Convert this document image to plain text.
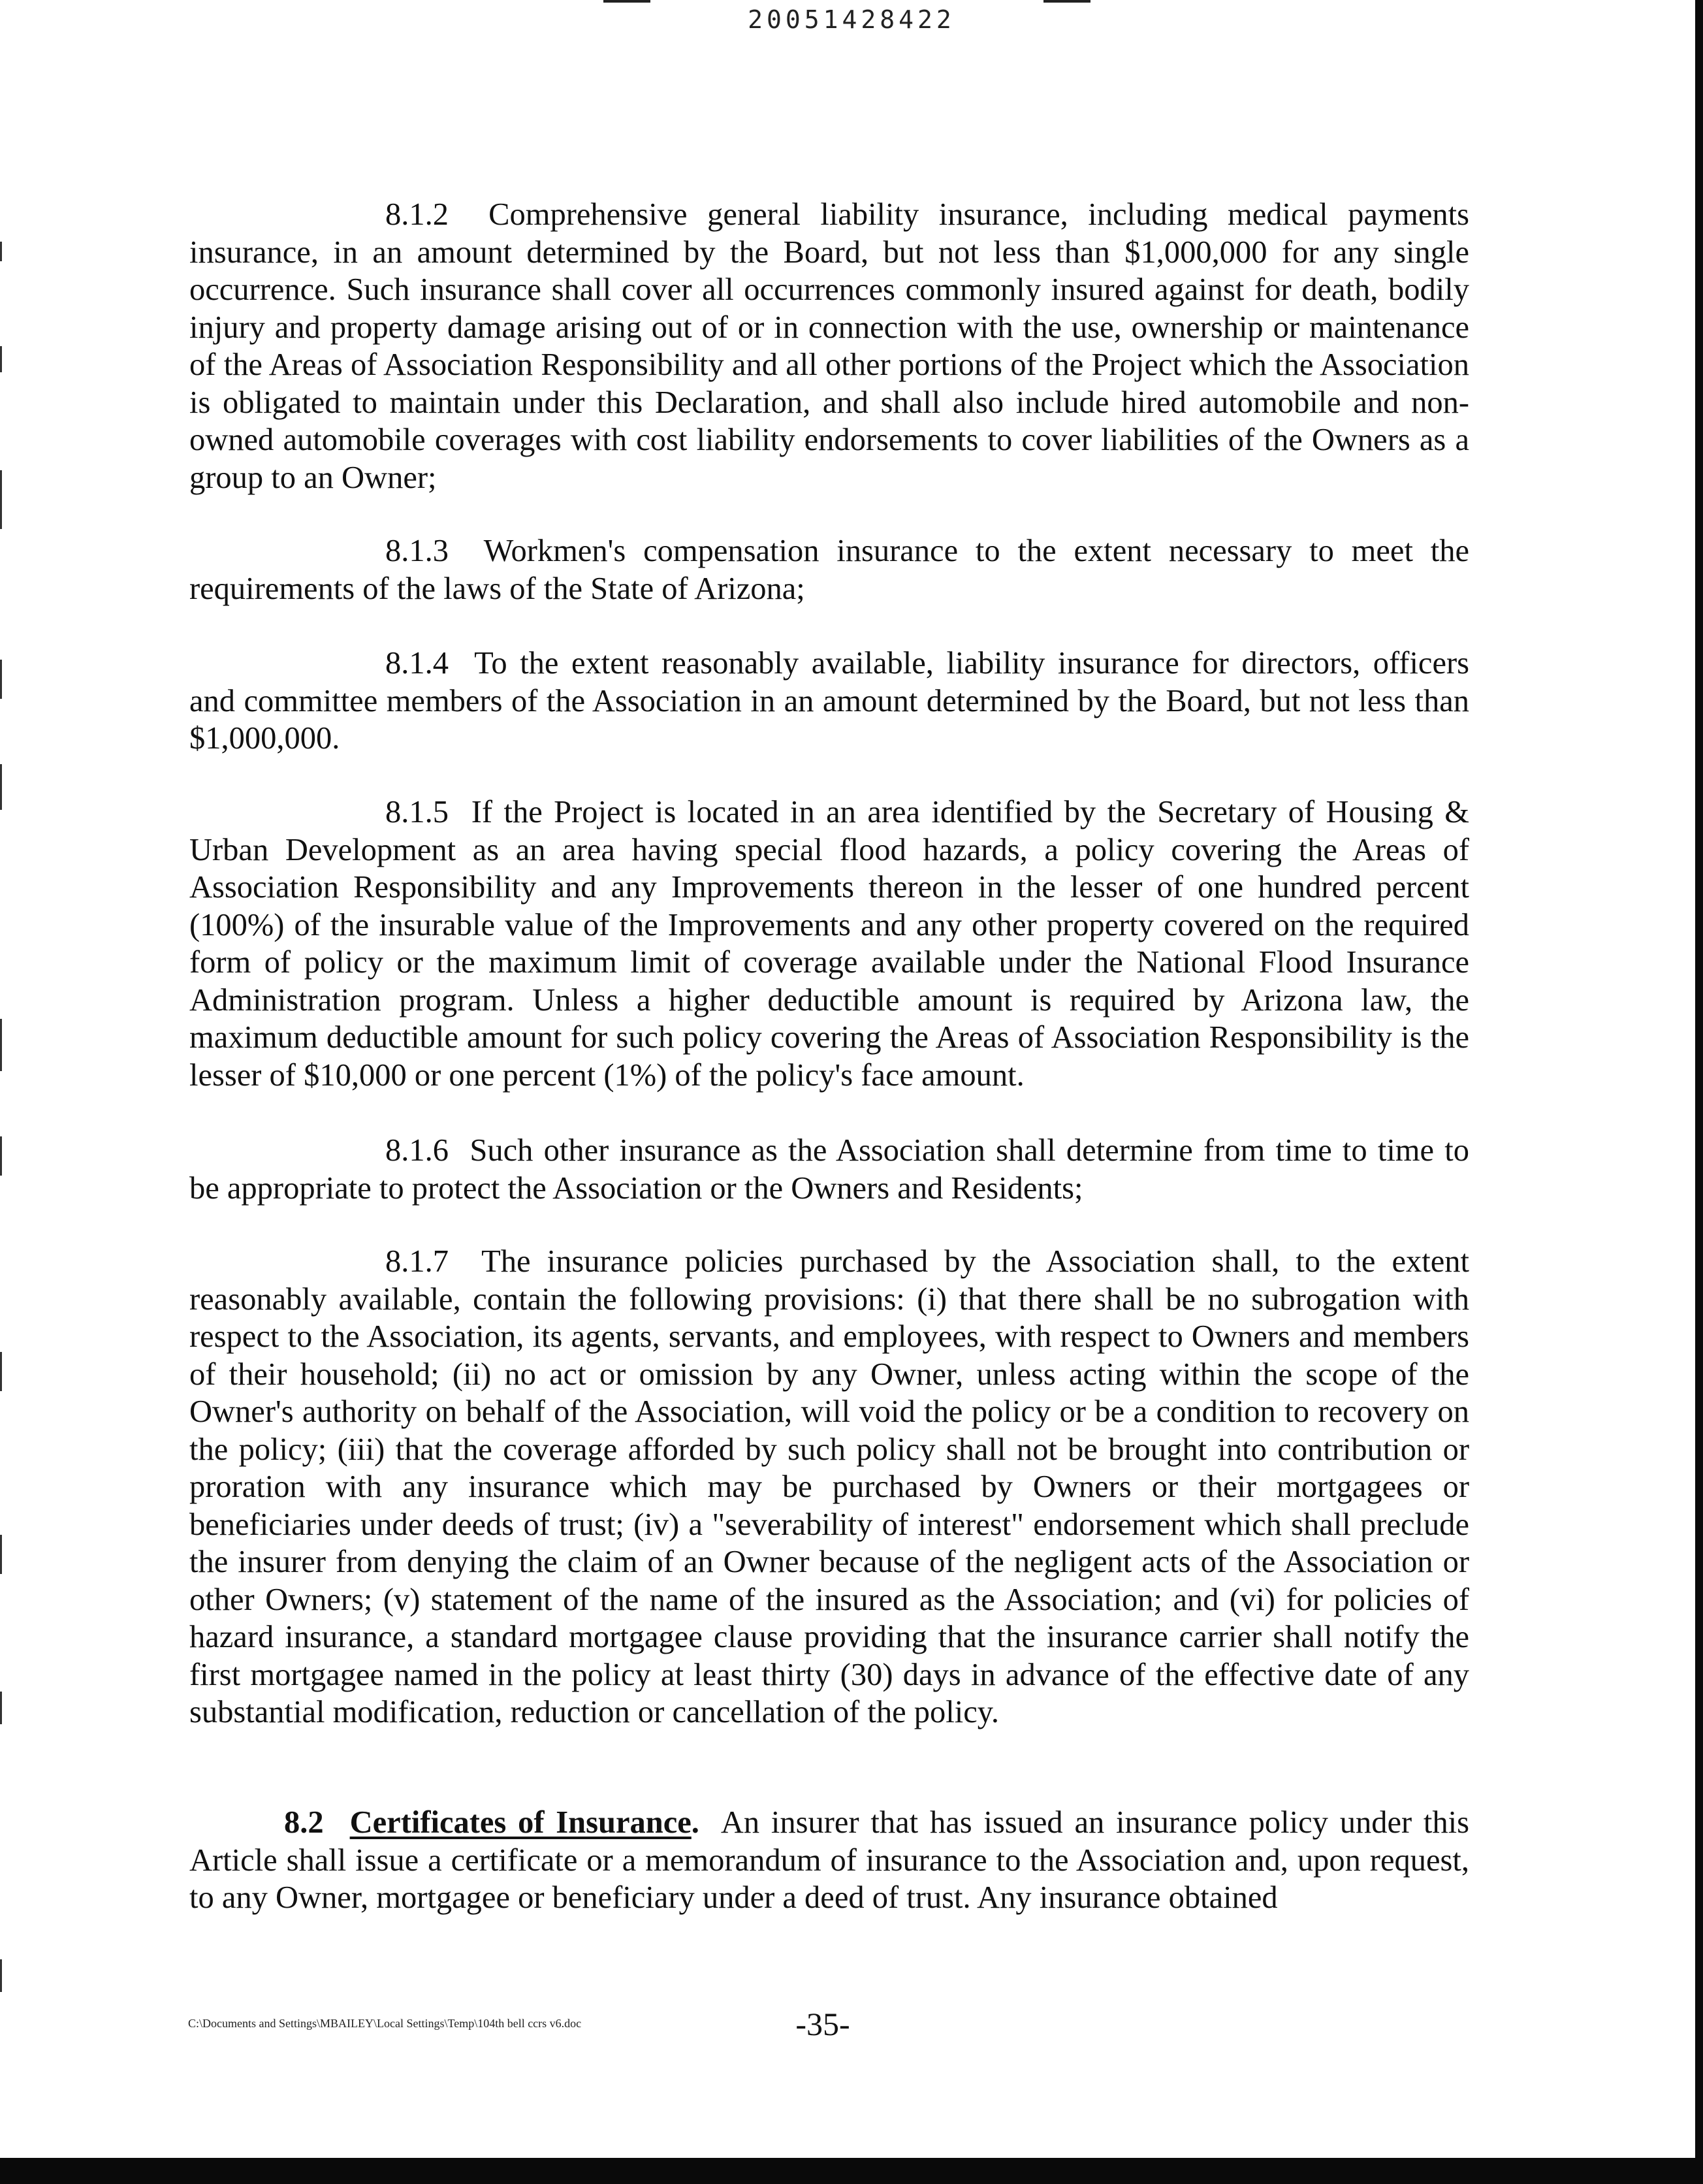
20051428422

8.1.2 Comprehensive general liability insurance, including medical payments insurance, in an amount determined by the Board, but not less than $1,000,000 for any single occurrence. Such insurance shall cover all occurrences commonly insured against for death, bodily injury and property damage arising out of or in connection with the use, ownership or maintenance of the Areas of Association Responsibility and all other portions of the Project which the Association is obligated to maintain under this Declaration, and shall also include hired automobile and non-owned automobile coverages with cost liability endorsements to cover liabilities of the Owners as a group to an Owner;

8.1.3 Workmen's compensation insurance to the extent necessary to meet the requirements of the laws of the State of Arizona;

8.1.4 To the extent reasonably available, liability insurance for directors, officers and committee members of the Association in an amount determined by the Board, but not less than $1,000,000.

8.1.5 If the Project is located in an area identified by the Secretary of Housing & Urban Development as an area having special flood hazards, a policy covering the Areas of Association Responsibility and any Improvements thereon in the lesser of one hundred percent (100%) of the insurable value of the Improvements and any other property covered on the required form of policy or the maximum limit of coverage available under the National Flood Insurance Administration program. Unless a higher deductible amount is required by Arizona law, the maximum deductible amount for such policy covering the Areas of Association Responsibility is the lesser of $10,000 or one percent (1%) of the policy's face amount.

8.1.6 Such other insurance as the Association shall determine from time to time to be appropriate to protect the Association or the Owners and Residents;

8.1.7 The insurance policies purchased by the Association shall, to the extent reasonably available, contain the following provisions: (i) that there shall be no subrogation with respect to the Association, its agents, servants, and employees, with respect to Owners and members of their household; (ii) no act or omission by any Owner, unless acting within the scope of the Owner's authority on behalf of the Association, will void the policy or be a condition to recovery on the policy; (iii) that the coverage afforded by such policy shall not be brought into contribution or proration with any insurance which may be purchased by Owners or their mortgagees or beneficiaries under deeds of trust; (iv) a "severability of interest" endorsement which shall preclude the insurer from denying the claim of an Owner because of the negligent acts of the Association or other Owners; (v) statement of the name of the insured as the Association; and (vi) for policies of hazard insurance, a standard mortgagee clause providing that the insurance carrier shall notify the first mortgagee named in the policy at least thirty (30) days in advance of the effective date of any substantial modification, reduction or cancellation of the policy.

8.2 Certificates of Insurance. An insurer that has issued an insurance policy under this Article shall issue a certificate or a memorandum of insurance to the Association and, upon request, to any Owner, mortgagee or beneficiary under a deed of trust. Any insurance obtained

C:\Documents and Settings\MBAILEY\Local Settings\Temp\104th bell ccrs v6.doc	-35-
